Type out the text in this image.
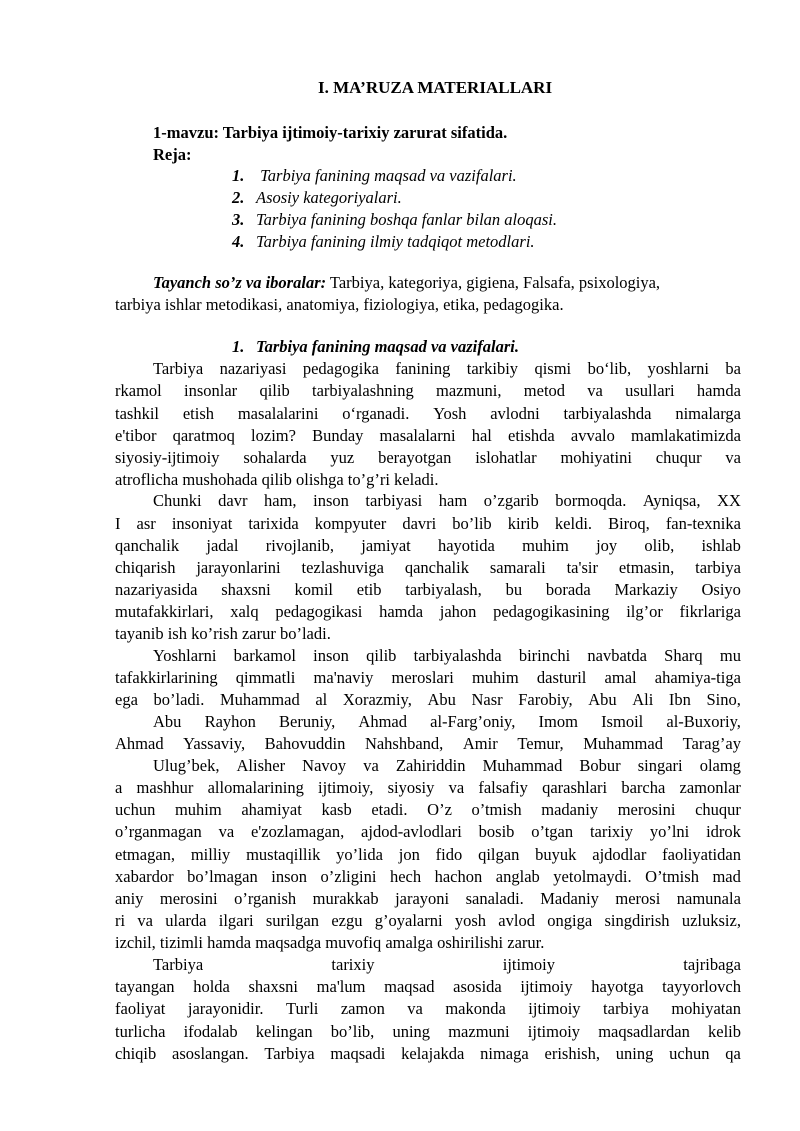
I. MA’RUZA MATERIALLARI
1-mavzu: Tarbiya ijtimoiy-tarixiy zarurat sifatida.
Reja:
1. Tarbiya fanining maqsad va vazifalari.
2. Asosiy kategoriyalari.
3. Tarbiya fanining boshqa fanlar bilan aloqasi.
4. Tarbiya fanining ilmiy tadqiqot metodlari.
Tayanch so’z va iboralar: Tarbiya, kategoriya, gigiena, Falsafa, psixologiya,
tarbiya ishlar metodikasi, anatomiya, fiziologiya, etika, pedagogika.
1. Tarbiya fanining maqsad va vazifalari.
Tarbiya nazariyasi pedagogika fanining tarkibiy qismi bo‘lib, yoshlarni ba
rkamol insonlar qilib tarbiyalashning mazmuni, metod va usullari hamda
tashkil etish masalalarini o‘rganadi. Yosh avlodni tarbiyalashda nimalarga
e'tibor qaratmoq lozim? Bunday masalalarni hal etishda avvalo mamlakatimizda
siyosiy-ijtimoiy sohalarda yuz berayotgan islohatlar mohiyatini chuqur va
atroflicha mushohada qilib olishga to’g’ri keladi.
Chunki davr ham, inson tarbiyasi ham o’zgarib bormoqda. Ayniqsa, XX
I asr insoniyat tarixida kompyuter davri bo’lib kirib keldi. Biroq, fan-texnika
qanchalik jadal rivojlanib, jamiyat hayotida muhim joy olib, ishlab
chiqarish jarayonlarini tezlashuviga qanchalik samarali ta'sir etmasin, tarbiya
nazariyasida shaxsni komil etib tarbiyalash, bu borada Markaziy Osiyo
mutafakkirlari, xalq pedagogikasi hamda jahon pedagogikasining ilg’or fikrlariga
tayanib ish ko’rish zarur bo’ladi.
Yoshlarni barkamol inson qilib tarbiyalashda birinchi navbatda Sharq mu
tafakkirlarining qimmatli ma'naviy meroslari muhim dasturil amal ahamiya-tiga
ega bo’ladi. Muhammad al Xorazmiy, Abu Nasr Farobiy, Abu Ali Ibn Sino,
Abu Rayhon Beruniy, Ahmad al-Farg’oniy, Imom Ismoil al-Buxoriy,
Ahmad Yassaviy, Bahovuddin Nahshband, Amir Temur, Muhammad Tarag’ay
Ulug’bek, Alisher Navoy va Zahiriddin Muhammad Bobur singari olamg
a mashhur allomalarining ijtimoiy, siyosiy va falsafiy qarashlari barcha zamonlar
uchun muhim ahamiyat kasb etadi. O’z o’tmish madaniy merosini chuqur
o’rganmagan va e'zozlamagan, ajdod-avlodlari bosib o’tgan tarixiy yo’lni idrok
etmagan, milliy mustaqillik yo’lida jon fido qilgan buyuk ajdodlar faoliyatidan
xabardor bo’lmagan inson o’zligini hech hachon anglab yetolmaydi. O’tmish mad
aniy merosini o’rganish murakkab jarayoni sanaladi. Madaniy merosi namunala
ri va ularda ilgari surilgan ezgu g’oyalarni yosh avlod ongiga singdirish uzluksiz,
izchil, tizimli hamda maqsadga muvofiq amalga oshirilishi zarur.
Tarbiya	tarixiy	ijtimoiy	tajribaga
tayangan holda shaxsni ma'lum maqsad asosida ijtimoiy hayotga tayyorlovch
faoliyat jarayonidir. Turli zamon va makonda ijtimoiy tarbiya mohiyatan
turlicha ifodalab kelingan bo’lib, uning mazmuni ijtimoiy maqsadlardan kelib
chiqib asoslangan. Tarbiya maqsadi kelajakda nimaga erishish, uning uchun qa
